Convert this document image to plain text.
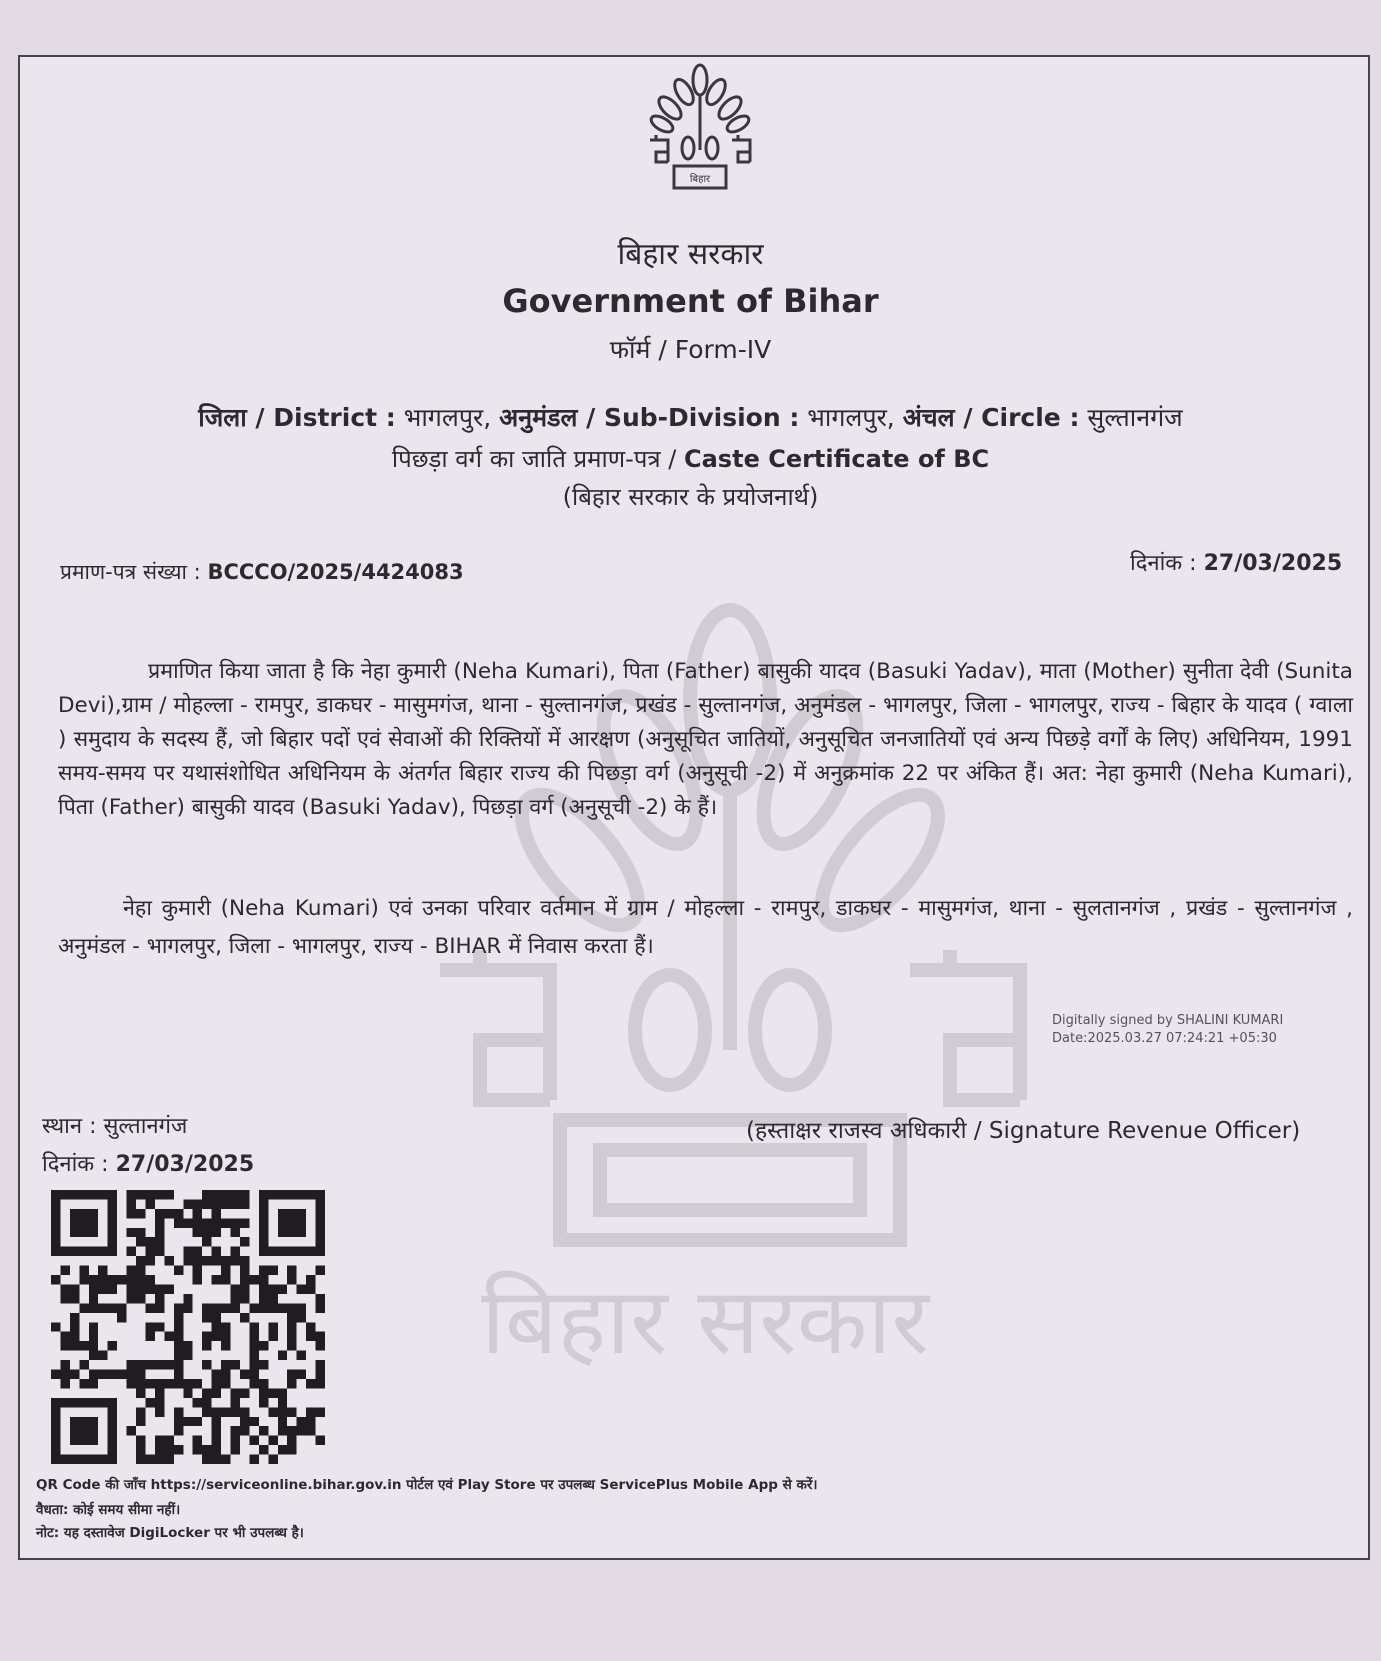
बिहार सरकार
बिहार
बिहार सरकार
Government of Bihar
फॉर्म / Form-IV
जिला / District : भागलपुर, अनुमंडल / Sub-Division : भागलपुर, अंचल / Circle : सुल्तानगंज
पिछड़ा वर्ग का जाति प्रमाण-पत्र / Caste Certificate of BC
(बिहार सरकार के प्रयोजनार्थ)
प्रमाण-पत्र संख्या : BCCCO/2025/4424083	दिनांक : 27/03/2025
प्रमाणित किया जाता है कि नेहा कुमारी (Neha Kumari), पिता (Father) बासुकी यादव (Basuki Yadav), माता (Mother) सुनीता देवी (Sunita Devi),ग्राम / मोहल्ला - रामपुर, डाकघर - मासुमगंज, थाना - सुल्तानगंज, प्रखंड - सुल्तानगंज, अनुमंडल - भागलपुर, जिला - भागलपुर, राज्य - बिहार के यादव ( ग्वाला ) समुदाय के सदस्य हैं, जो बिहार पदों एवं सेवाओं की रिक्तियों में आरक्षण (अनुसूचित जातियों, अनुसूचित जनजातियों एवं अन्य पिछड़े वर्गों के लिए) अधिनियम, 1991 समय-समय पर यथासंशोधित अधिनियम के अंतर्गत बिहार राज्य की पिछड़ा वर्ग (अनुसूची -2) में अनुक्रमांक 22 पर अंकित हैं। अत: नेहा कुमारी (Neha Kumari), पिता (Father) बासुकी यादव (Basuki Yadav), पिछड़ा वर्ग (अनुसूची -2) के हैं।
नेहा कुमारी (Neha Kumari) एवं उनका परिवार वर्तमान में ग्राम / मोहल्ला - रामपुर, डाकघर - मासुमगंज, थाना - सुलतानगंज , प्रखंड - सुल्तानगंज , अनुमंडल - भागलपुर, जिला - भागलपुर, राज्य - BIHAR में निवास करता हैं।
Digitally signed by SHALINI KUMARI
Date:2025.03.27 07:24:21 +05:30
स्थान : सुल्तानगंज
दिनांक : 27/03/2025
(हस्ताक्षर राजस्व अधिकारी / Signature Revenue Officer)
QR Code की जाँच https://serviceonline.bihar.gov.in पोर्टल एवं Play Store पर उपलब्ध ServicePlus Mobile App से करें।
वैधता: कोई समय सीमा नहीं।
नोट: यह दस्तावेज DigiLocker पर भी उपलब्ध है।
